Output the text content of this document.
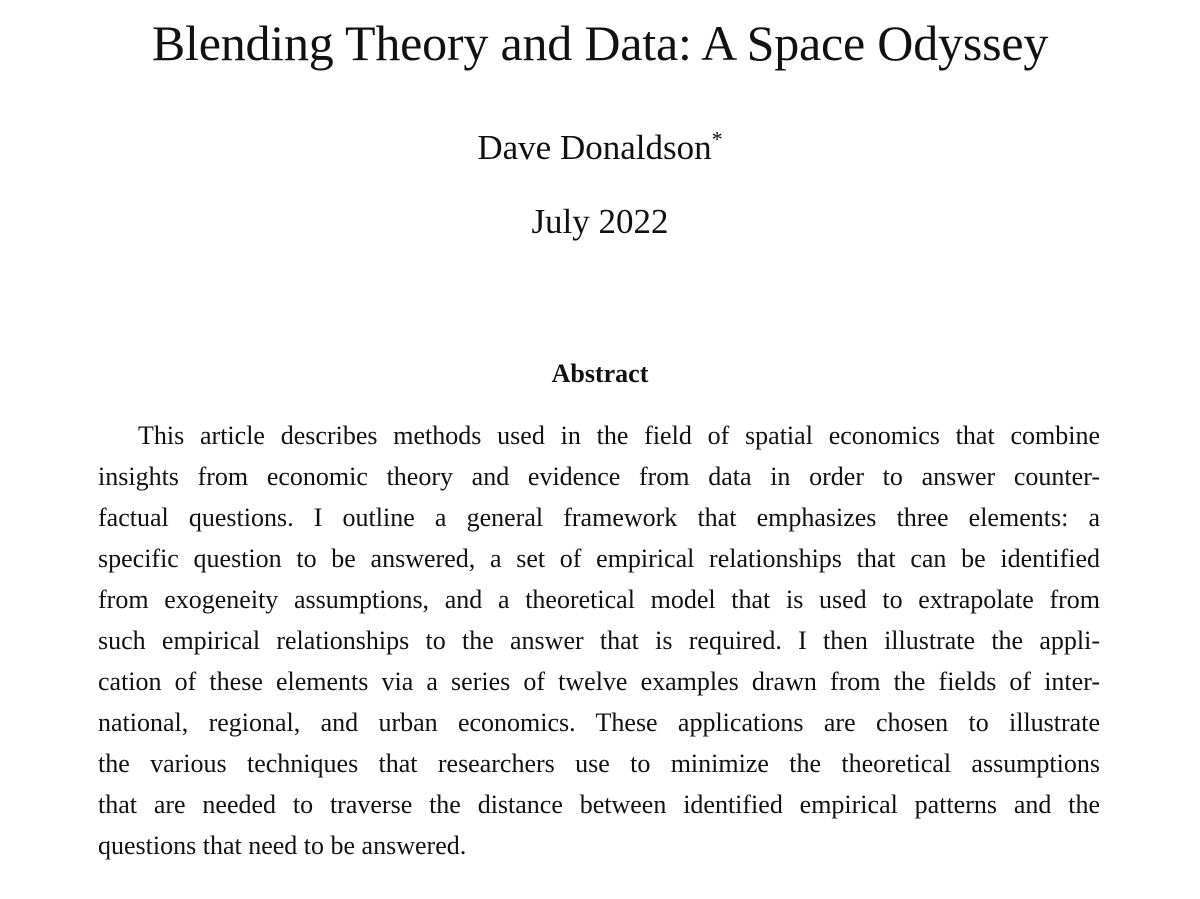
Blending Theory and Data: A Space Odyssey
Dave Donaldson*
July 2022
Abstract
This article describes methods used in the field of spatial economics that combine
insights from economic theory and evidence from data in order to answer counter-
factual questions. I outline a general framework that emphasizes three elements: a
specific question to be answered, a set of empirical relationships that can be identified
from exogeneity assumptions, and a theoretical model that is used to extrapolate from
such empirical relationships to the answer that is required. I then illustrate the appli-
cation of these elements via a series of twelve examples drawn from the fields of inter-
national, regional, and urban economics. These applications are chosen to illustrate
the various techniques that researchers use to minimize the theoretical assumptions
that are needed to traverse the distance between identified empirical patterns and the
questions that need to be answered.
